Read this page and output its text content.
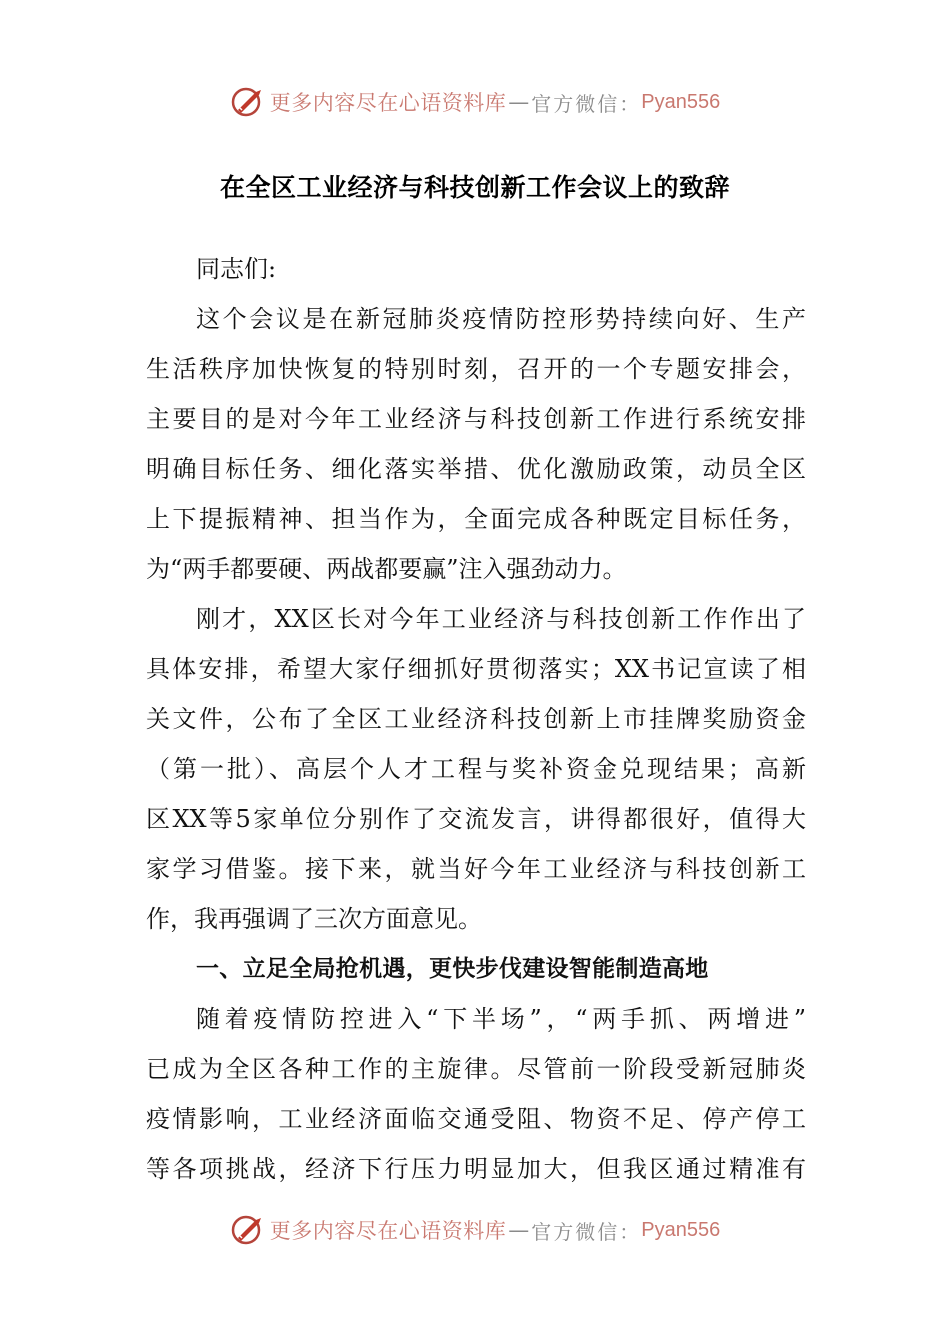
更多内容尽在心语资料库 — 官方微信： Pyan556
在全区工业经济与科技创新工作会议上的致辞
同志们:
这个会议是在新冠肺炎疫情防控形势持续向好、生产
生活秩序加快恢复的特别时刻，召开的一个专题安排会，
主要目的是对今年工业经济与科技创新工作进行系统安排
明确目标任务、细化落实举措、优化激励政策，动员全区
上下提振精神、担当作为，全面完成各种既定目标任务，
为“两手都要硬、两战都要赢”注入强劲动力。
刚才，XX区长对今年工业经济与科技创新工作作出了
具体安排，希望大家仔细抓好贯彻落实；XX书记宣读了相
关文件，公布了全区工业经济科技创新上市挂牌奖励资金
（第一批）、高层个人才工程与奖补资金兑现结果；高新
区XX等5家单位分别作了交流发言，讲得都很好，值得大
家学习借鉴。接下来，就当好今年工业经济与科技创新工
作，我再强调了三次方面意见。
一、立足全局抢机遇，更快步伐建设智能制造高地
随着疫情防控进入“下半场”，“两手抓、两增进”
已成为全区各种工作的主旋律。尽管前一阶段受新冠肺炎
疫情影响，工业经济面临交通受阻、物资不足、停产停工
等各项挑战，经济下行压力明显加大，但我区通过精准有
更多内容尽在心语资料库 — 官方微信： Pyan556
